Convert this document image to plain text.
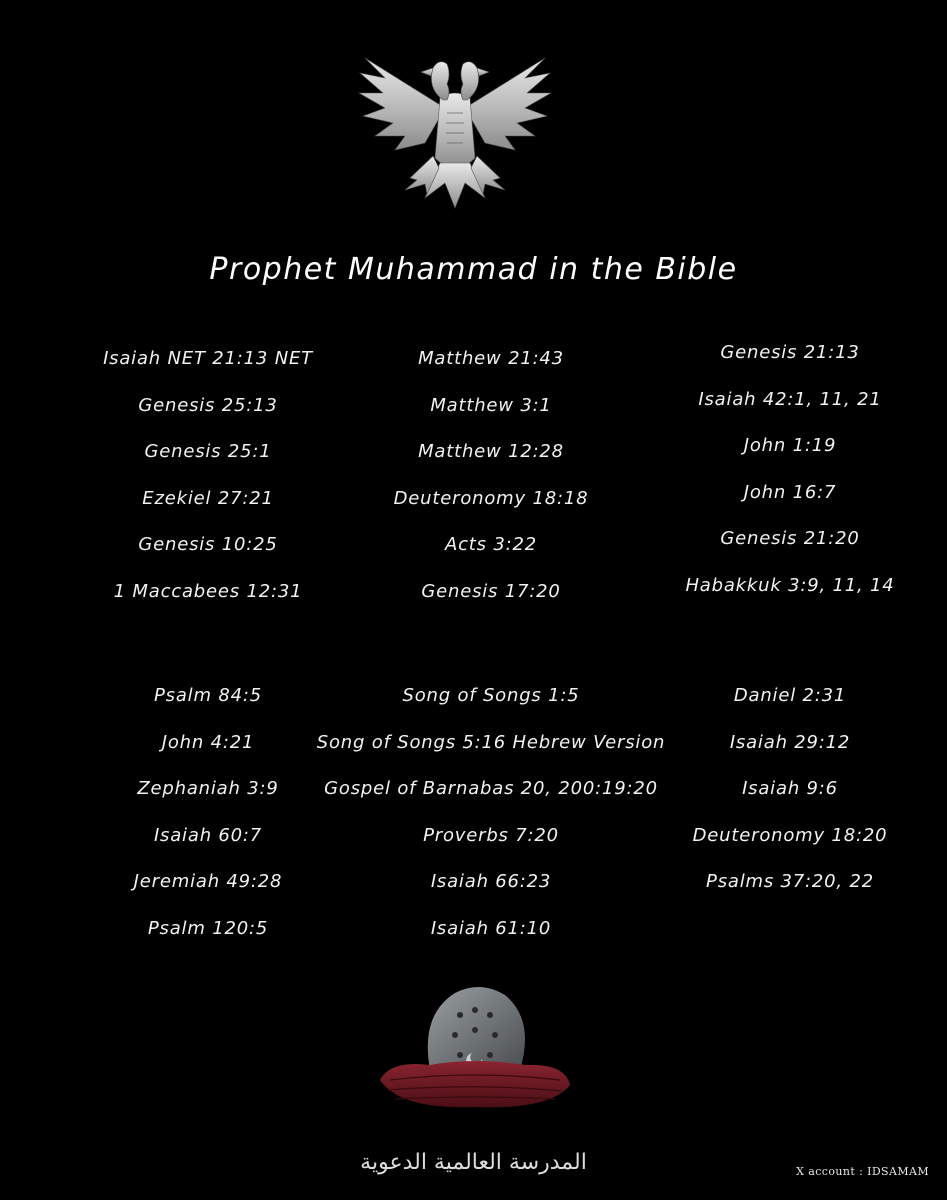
Prophet Muhammad in the Bible
Isaiah NET 21:13 NET
Genesis 25:13
Genesis 25:1
Ezekiel 27:21
Genesis 10:25
1 Maccabees 12:31
Matthew 21:43
Matthew 3:1
Matthew 12:28
Deuteronomy 18:18
Acts 3:22
Genesis 17:20
Genesis 21:13
Isaiah 42:1, 11, 21
John 1:19
John 16:7
Genesis 21:20
Habakkuk 3:9, 11, 14
Psalm 84:5
John 4:21
Zephaniah 3:9
Isaiah 60:7
Jeremiah 49:28
Psalm 120:5
Song of Songs 1:5
Song of Songs 5:16 Hebrew Version
Gospel of Barnabas 20, 200:19:20
Proverbs 7:20
Isaiah 66:23
Isaiah 61:10
Daniel 2:31
Isaiah 29:12
Isaiah 9:6
Deuteronomy 18:20
Psalms 37:20, 22
المدرسة العالمية الدعوية	X account : IDSAMAM
